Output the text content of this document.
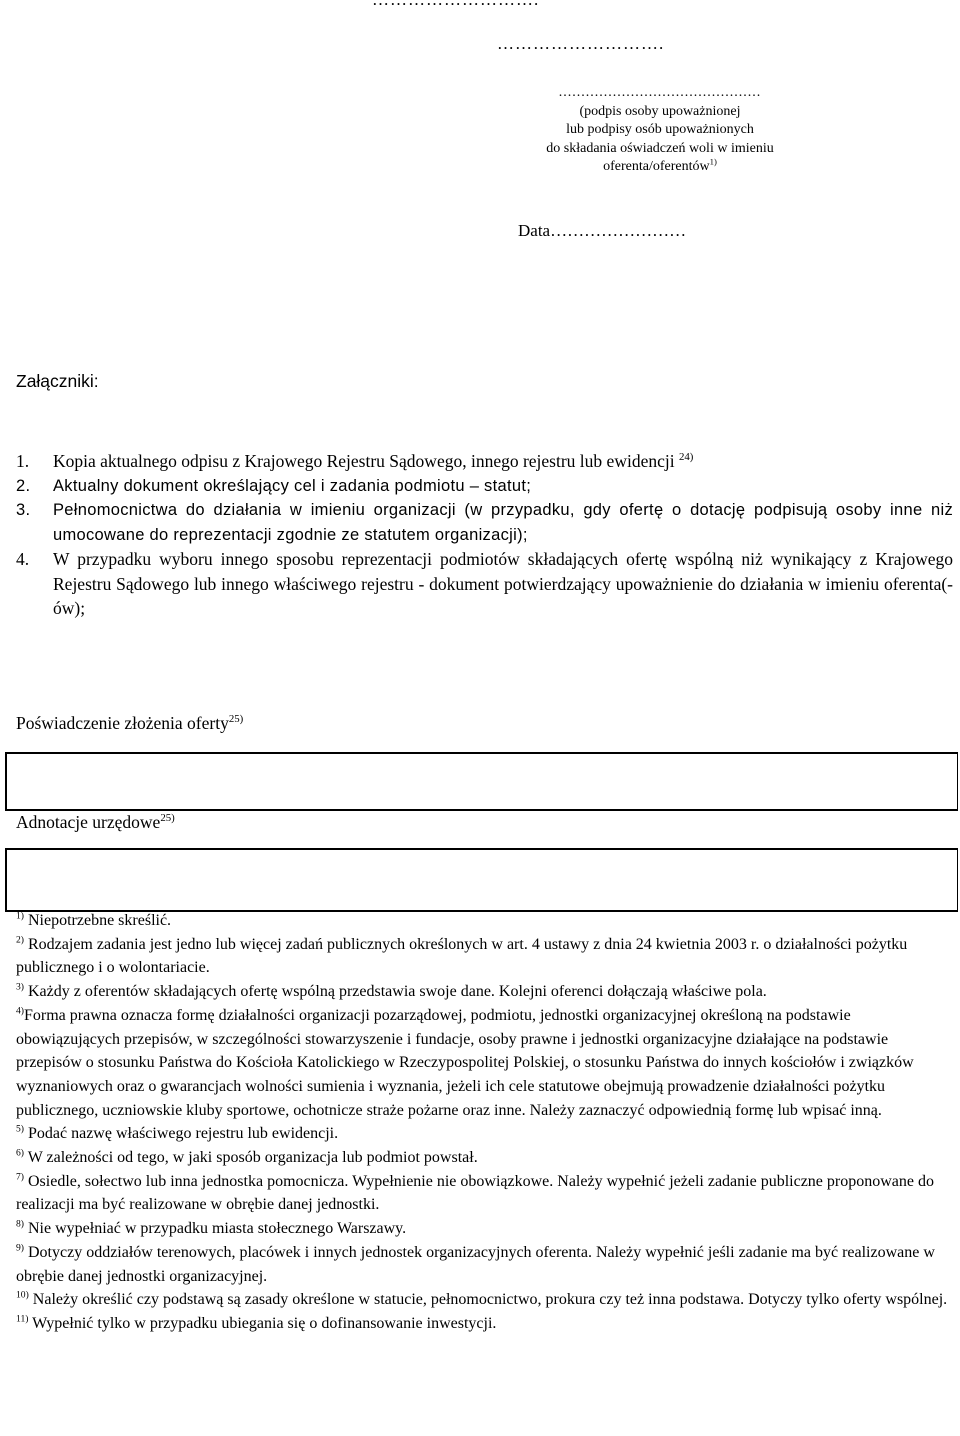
……………………….
.............................................
(podpis osoby upoważnionej
lub podpisy osób upoważnionych
do składania oświadczeń woli w imieniu
oferenta/oferentów$^{1)}$
Data……………………
Załączniki:
1.	Kopia aktualnego odpisu z Krajowego Rejestru Sądowego, innego rejestru lub ewidencji $^{24)}$
2.	Aktualny dokument określający cel i zadania podmiotu – statut;
3.	Pełnomocnictwa do działania w imieniu organizacji (w przypadku, gdy ofertę o dotację podpisują osoby inne niż umocowane do reprezentacji zgodnie ze statutem organizacji);
4.	W przypadku wyboru innego sposobu reprezentacji podmiotów składających ofertę wspólną niż wynikający z Krajowego Rejestru Sądowego lub innego właściwego rejestru - dokument potwierdzający upoważnienie do działania w imieniu oferenta(-ów);
Poświadczenie złożenia oferty$^{25)}$
Adnotacje urzędowe$^{25)}$

$^{1)}$ Niepotrzebne skreślić.

$^{2)}$ Rodzajem zadania jest jedno lub więcej zadań publicznych określonych w art. 4 ustawy z dnia 24 kwietnia 2003 r. o działalności pożytku publicznego i o wolontariacie.

$^{3)}$ Każdy z oferentów składających ofertę wspólną przedstawia swoje dane. Kolejni oferenci dołączają właściwe pola.

$^{4)}$Forma prawna oznacza formę działalności organizacji pozarządowej, podmiotu, jednostki organizacyjnej określoną na podstawie obowiązujących przepisów, w szczególności stowarzyszenie i fundacje, osoby prawne i jednostki organizacyjne działające na podstawie przepisów o stosunku Państwa do Kościoła Katolickiego w Rzeczypospolitej Polskiej, o stosunku Państwa do innych kościołów i związków wyznaniowych oraz o gwarancjach wolności sumienia i wyznania, jeżeli ich cele statutowe obejmują prowadzenie działalności pożytku publicznego, uczniowskie kluby sportowe, ochotnicze straże pożarne oraz inne. Należy zaznaczyć odpowiednią formę lub wpisać inną.

$^{5)}$ Podać nazwę właściwego rejestru lub ewidencji.

$^{6)}$ W zależności od tego, w jaki sposób organizacja lub podmiot powstał.

$^{7)}$ Osiedle, sołectwo lub inna jednostka pomocnicza. Wypełnienie nie obowiązkowe. Należy wypełnić jeżeli zadanie publiczne proponowane do realizacji ma być realizowane w obrębie danej jednostki.

$^{8)}$ Nie wypełniać w przypadku miasta stołecznego Warszawy.

$^{9)}$ Dotyczy oddziałów terenowych, placówek i innych jednostek organizacyjnych oferenta. Należy wypełnić jeśli zadanie ma być realizowane w obrębie danej jednostki organizacyjnej.

$^{10)}$ Należy określić czy podstawą są zasady określone w statucie, pełnomocnictwo, prokura czy też inna podstawa. Dotyczy tylko oferty wspólnej.

$^{11)}$ Wypełnić tylko w przypadku ubiegania się o dofinansowanie inwestycji.
